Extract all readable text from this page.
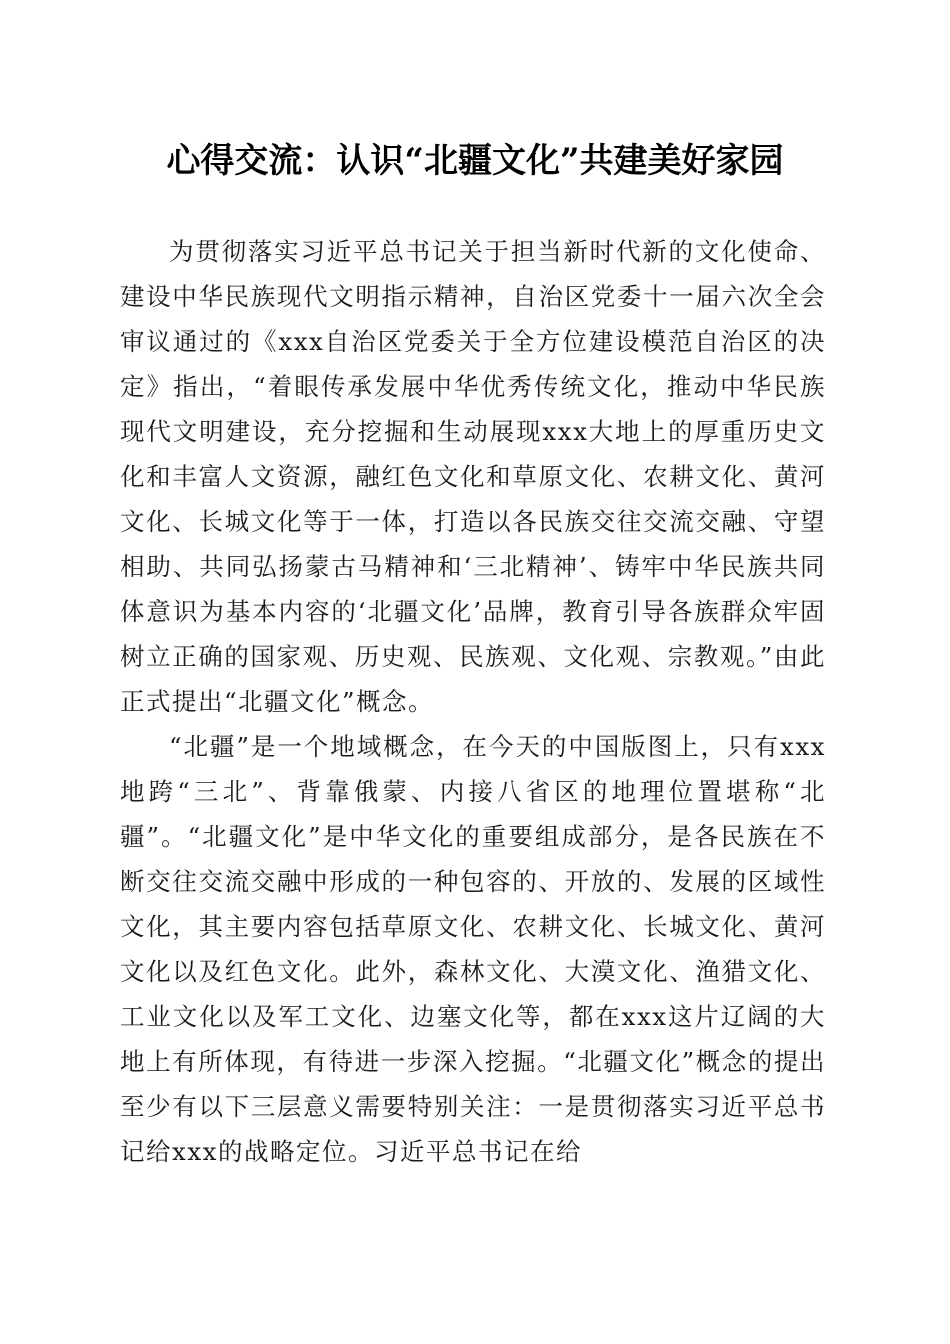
心得交流：认识“北疆文化”共建美好家园

为贯彻落实习近平总书记关于担当新时代新的文化使命、建设中华民族现代文明指示精神，自治区党委十一届六次全会审议通过的《xxx自治区党委关于全方位建设模范自治区的决定》指出，“着眼传承发展中华优秀传统文化，推动中华民族现代文明建设，充分挖掘和生动展现xxx大地上的厚重历史文化和丰富人文资源，融红色文化和草原文化、农耕文化、黄河文化、长城文化等于一体，打造以各民族交往交流交融、守望相助、共同弘扬蒙古马精神和‘三北精神’、铸牢中华民族共同体意识为基本内容的‘北疆文化’品牌，教育引导各族群众牢固树立正确的国家观、历史观、民族观、文化观、宗教观。”由此正式提出“北疆文化”概念。

“北疆”是一个地域概念，在今天的中国版图上，只有xxx地跨“三北”、背靠俄蒙、内接八省区的地理位置堪称“北疆”。“北疆文化”是中华文化的重要组成部分，是各民族在不断交往交流交融中形成的一种包容的、开放的、发展的区域性文化，其主要内容包括草原文化、农耕文化、长城文化、黄河文化以及红色文化。此外，森林文化、大漠文化、渔猎文化、工业文化以及军工文化、边塞文化等，都在xxx这片辽阔的大地上有所体现，有待进一步深入挖掘。“北疆文化”概念的提出至少有以下三层意义需要特别关注：一是贯彻落实习近平总书记给xxx的战略定位。习近平总书记在给
